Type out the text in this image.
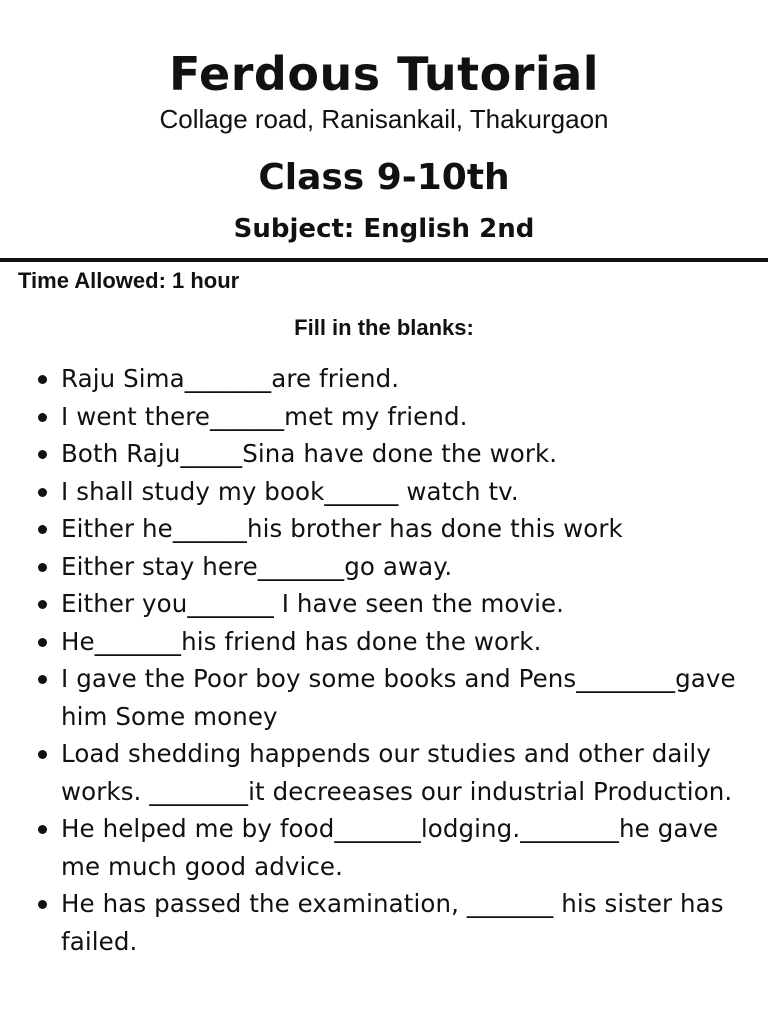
Ferdous Tutorial

Collage road, Ranisankail, Thakurgaon

Class 9-10th

Subject: English 2nd

Time Allowed: 1 hour
Fill in the blanks:
Raju Sima_______are friend.
I went there______met my friend.
Both Raju_____Sina have done the work.
I shall study my book______ watch tv.
Either he______his brother has done this work
Either stay here_______go away.
Either you_______ I have seen the movie.
He_______his friend has done the work.
I gave the Poor boy some books and Pens________gave him Some money
Load shedding happends our studies and other daily works. ________it decreeases our industrial Production.
He helped me by food_______lodging.________he gave me much good advice.
He has passed the examination, _______ his sister has failed.
